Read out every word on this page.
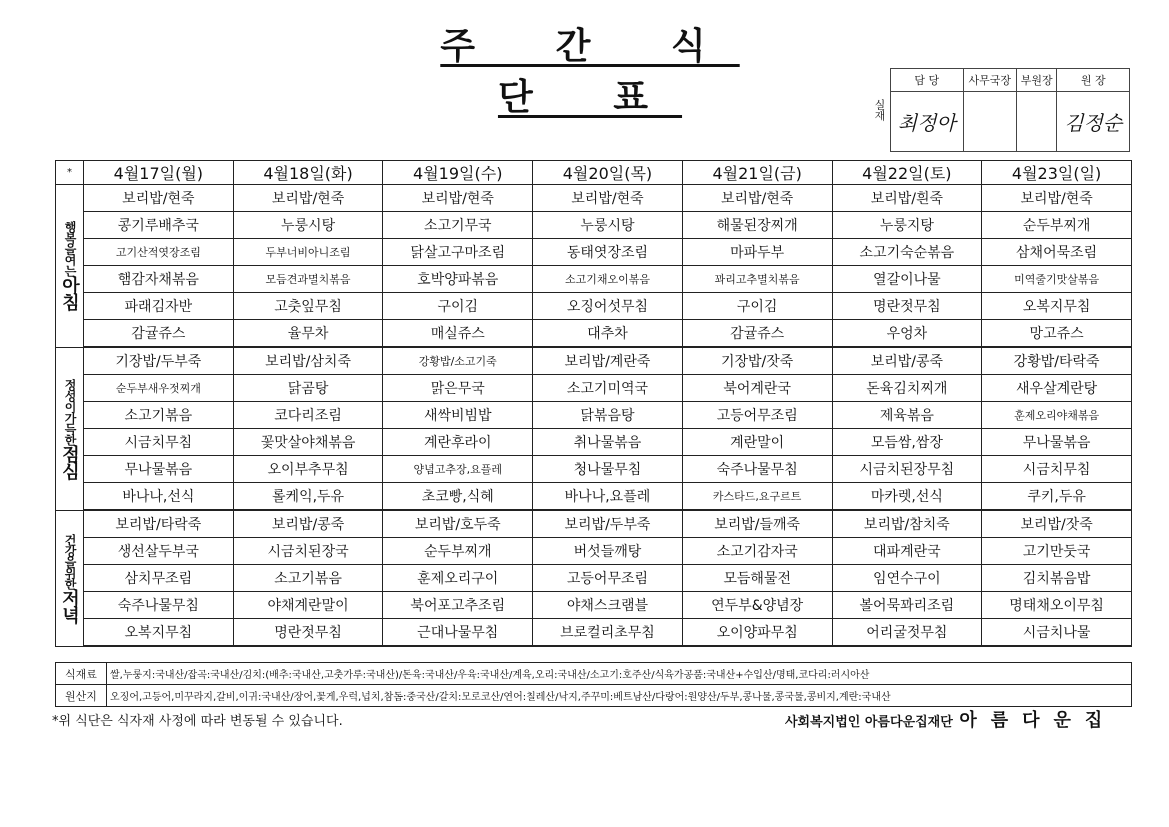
주 간 식 단 표	실재	담 당	사무국장	부원장	원 장
	최정아			김정순
*	4월17일(월)	4월18일(화)	4월19일(수)	4월20일(목)	4월21일(금)	4월22일(토)	4월23일(일)

행복을여는
아침	보리밥/현죽	보리밥/현죽	보리밥/현죽	보리밥/현죽	보리밥/현죽	보리밥/흰죽	보리밥/현죽
	콩기루배추국	누룽시탕	소고기무국	누룽시탕	해물된장찌개	누룽지탕	순두부찌개
	고기산적엿장조림	두부너비아니조림	닭살고구마조림	동태엿장조림	마파두부	소고기숙순볶음	삼채어묵조림
	햄감자채볶음	모듬견과멸치볶음	호박양파볶음	소고기채오이볶음	꽈리고추멸치볶음	열갈이나물	미역줄기맛살볶음
	파래김자반	고춧잎무침	구이김	오징어섯무침	구이김	명란젓무침	오복지무침
	감귤쥬스	율무차	매실쥬스	대추차	감귤쥬스	우엉차	망고쥬스

정성이가득한
점심	기장밥/두부죽	보리밥/삼치죽	강황밥/소고기죽	보리밥/계란죽	기장밥/잣죽	보리밥/콩죽	강황밥/타락죽
	순두부새우젓찌개	닭곰탕	맑은무국	소고기미역국	북어계란국	돈육김치찌개	새우살계란탕
	소고기볶음	코다리조림	새싹비빔밥	닭볶음탕	고등어무조림	제육볶음	훈제오리야채볶음
	시금치무침	꽃맛살야채볶음	계란후라이	취나물볶음	계란말이	모듬쌈,쌈장	무나물볶음
	무나물볶음	오이부추무침	양념고추장,요플레	청나물무침	숙주나물무침	시금치된장무침	시금치무침
	바나나,선식	롤케익,두유	초코빵,식혜	바나나,요플레	카스타드,요구르트	마카렛,선식	쿠키,두유

건강을위한
저녁	보리밥/타락죽	보리밥/콩죽	보리밥/호두죽	보리밥/두부죽	보리밥/들깨죽	보리밥/참치죽	보리밥/잣죽
	생선살두부국	시금치된장국	순두부찌개	버섯들깨탕	소고기감자국	대파계란국	고기만둣국
	삼치무조림	소고기볶음	훈제오리구이	고등어무조림	모듬해물전	임연수구이	김치볶음밥
	숙주나물무침	야채계란말이	북어포고추조림	야채스크램블	연두부&양념장	볼어묵꽈리조림	명태채오이무침
	오복지무침	명란젓무침	근대나물무침	브로컬리초무침	오이양파무침	어리굴젓무침	시금치나물
식재료	쌀,누룽지:국내산/잡곡:국내산/김치:(배추:국내산,고춧가루:국내산)/돈육:국내산/우육:국내산/계육,오리:국내산/소고기:호주산/식육가공품:국내산+수입산/명태,코다리:러시아산
원산지	오징어,고등어,미꾸라지,갈비,이귀:국내산/장어,꽃게,우럭,넙치,참돔:중국산/갈치:모로코산/연어:칠레산/낙지,주꾸미:베트남산/다랑어:원양산/두부,콩나물,콩국물,콩비지,계란:국내산
*위 식단은 식자재 사정에 따라 변동될 수 있습니다.	사회복지법인 아름다운집재단 아름다운집
